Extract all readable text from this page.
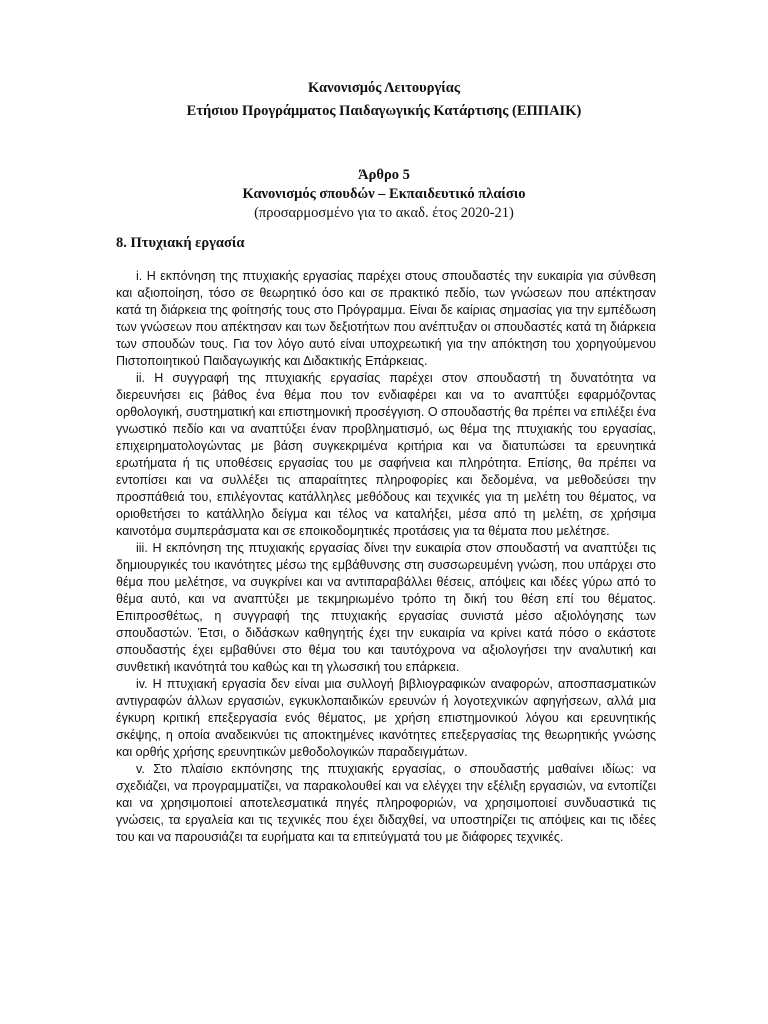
Κανονισμός Λειτουργίας

Ετήσιου Προγράμματος Παιδαγωγικής Κατάρτισης (ΕΠΠΑΙΚ)

Άρθρο 5

Κανονισμός σπουδών – Εκπαιδευτικό πλαίσιο

(προσαρμοσμένο για το ακαδ. έτος 2020-21)

8. Πτυχιακή εργασία

i. Η εκπόνηση της πτυχιακής εργασίας παρέχει στους σπουδαστές την ευκαιρία για σύνθεση και αξιοποίηση, τόσο σε θεωρητικό όσο και σε πρακτικό πεδίο, των γνώσεων που απέκτησαν κατά τη διάρκεια της φοίτησής τους στο Πρόγραμμα. Είναι δε καίριας σημασίας για την εμπέδωση των γνώσεων που απέκτησαν και των δεξιοτήτων που ανέπτυξαν οι σπουδαστές κατά τη διάρκεια των σπουδών τους. Για τον λόγο αυτό είναι υποχρεωτική για την απόκτηση του χορηγούμενου Πιστοποιητικού Παιδαγωγικής και Διδακτικής Επάρκειας.

ii. Η συγγραφή της πτυχιακής εργασίας παρέχει στον σπουδαστή τη δυνατότητα να διερευνήσει εις βάθος ένα θέμα που τον ενδιαφέρει και να το αναπτύξει εφαρμόζοντας ορθολογική, συστηματική και επιστημονική προσέγγιση. Ο σπουδαστής θα πρέπει να επιλέξει ένα γνωστικό πεδίο και να αναπτύξει έναν προβληματισμό, ως θέμα της πτυχιακής του εργασίας, επιχειρηματολογώντας με βάση συγκεκριμένα κριτήρια και να διατυπώσει τα ερευνητικά ερωτήματα ή τις υποθέσεις εργασίας του με σαφήνεια και πληρότητα. Επίσης, θα πρέπει να εντοπίσει και να συλλέξει τις απαραίτητες πληροφορίες και δεδομένα, να μεθοδεύσει την προσπάθειά του, επιλέγοντας κατάλληλες μεθόδους και τεχνικές για τη μελέτη του θέματος, να οριοθετήσει το κατάλληλο δείγμα και τέλος να καταλήξει, μέσα από τη μελέτη, σε χρήσιμα καινοτόμα συμπεράσματα και σε εποικοδομητικές προτάσεις για τα θέματα που μελέτησε.

iii. Η εκπόνηση της πτυχιακής εργασίας δίνει την ευκαιρία στον σπουδαστή να αναπτύξει τις δημιουργικές του ικανότητες μέσω της εμβάθυνσης στη συσσωρευμένη γνώση, που υπάρχει στο θέμα που μελέτησε, να συγκρίνει και να αντιπαραβάλλει θέσεις, απόψεις και ιδέες γύρω από το θέμα αυτό, και να αναπτύξει με τεκμηριωμένο τρόπο τη δική του θέση επί του θέματος. Επιπροσθέτως, η συγγραφή της πτυχιακής εργασίας συνιστά μέσο αξιολόγησης των σπουδαστών. Έτσι, ο διδάσκων καθηγητής έχει την ευκαιρία να κρίνει κατά πόσο ο εκάστοτε σπουδαστής έχει εμβαθύνει στο θέμα του και ταυτόχρονα να αξιολογήσει την αναλυτική και συνθετική ικανότητά του καθώς και τη γλωσσική του επάρκεια.

iv. Η πτυχιακή εργασία δεν είναι μια συλλογή βιβλιογραφικών αναφορών, αποσπασματικών αντιγραφών άλλων εργασιών, εγκυκλοπαιδικών ερευνών ή λογοτεχνικών αφηγήσεων, αλλά μια έγκυρη κριτική επεξεργασία ενός θέματος, με χρήση επιστημονικού λόγου και ερευνητικής σκέψης, η οποία αναδεικνύει τις αποκτημένες ικανότητες επεξεργασίας της θεωρητικής γνώσης και ορθής χρήσης ερευνητικών μεθοδολογικών παραδειγμάτων.

v. Στο πλαίσιο εκπόνησης της πτυχιακής εργασίας, ο σπουδαστής μαθαίνει ιδίως: να σχεδιάζει, να προγραμματίζει, να παρακολουθεί και να ελέγχει την εξέλιξη εργασιών, να εντοπίζει και να χρησιμοποιεί αποτελεσματικά πηγές πληροφοριών, να χρησιμοποιεί συνδυαστικά τις γνώσεις, τα εργαλεία και τις τεχνικές που έχει διδαχθεί, να υποστηρίζει τις απόψεις και τις ιδέες του και να παρουσιάζει τα ευρήματα και τα επιτεύγματά του με διάφορες τεχνικές.
